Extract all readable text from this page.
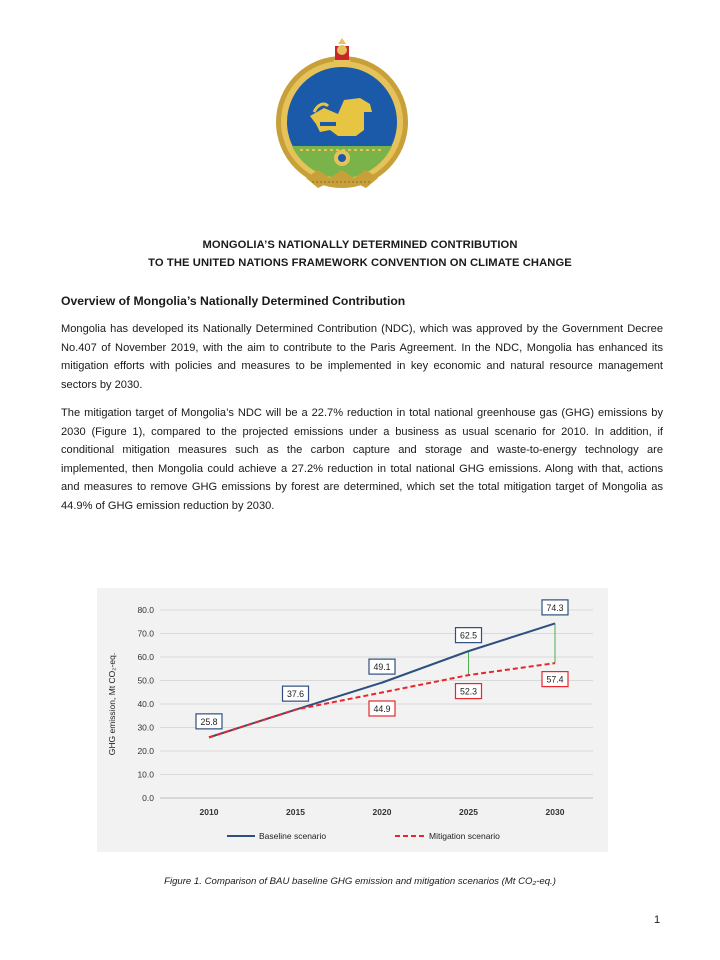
MONGOLIA’S NATIONALLY DETERMINED CONTRIBUTION
TO THE UNITED NATIONS FRAMEWORK CONVENTION ON CLIMATE CHANGE
Overview of Mongolia’s Nationally Determined Contribution

Mongolia has developed its Nationally Determined Contribution (NDC), which was approved by the Government Decree No.407 of November 2019, with the aim to contribute to the Paris Agreement. In the NDC, Mongolia has enhanced its mitigation efforts with policies and measures to be implemented in key economic and natural resource management sectors by 2030.

The mitigation target of Mongolia’s NDC will be a 22.7% reduction in total national greenhouse gas (GHG) emissions by 2030 (Figure 1), compared to the projected emissions under a business as usual scenario for 2010. In addition, if conditional mitigation measures such as the carbon capture and storage and waste-to-energy technology are implemented, then Mongolia could achieve a 27.2% reduction in total national GHG emissions. Along with that, actions and measures to remove GHG emissions by forest are determined, which set the total mitigation target of Mongolia as 44.9% of GHG emission reduction by 2030.

0.0
10.0
20.0
30.0
40.0
50.0
60.0
70.0
80.0
2010	2015	2020	2025	2030
GHG emission, Mt CO₂-eq.	25.8
37.6
49.1
62.5
74.3
44.9
52.3
57.4
Baseline scenario	Mitigation scenario
Figure 1. Comparison of BAU baseline GHG emission and mitigation scenarios (Mt CO₂-eq.)
1
